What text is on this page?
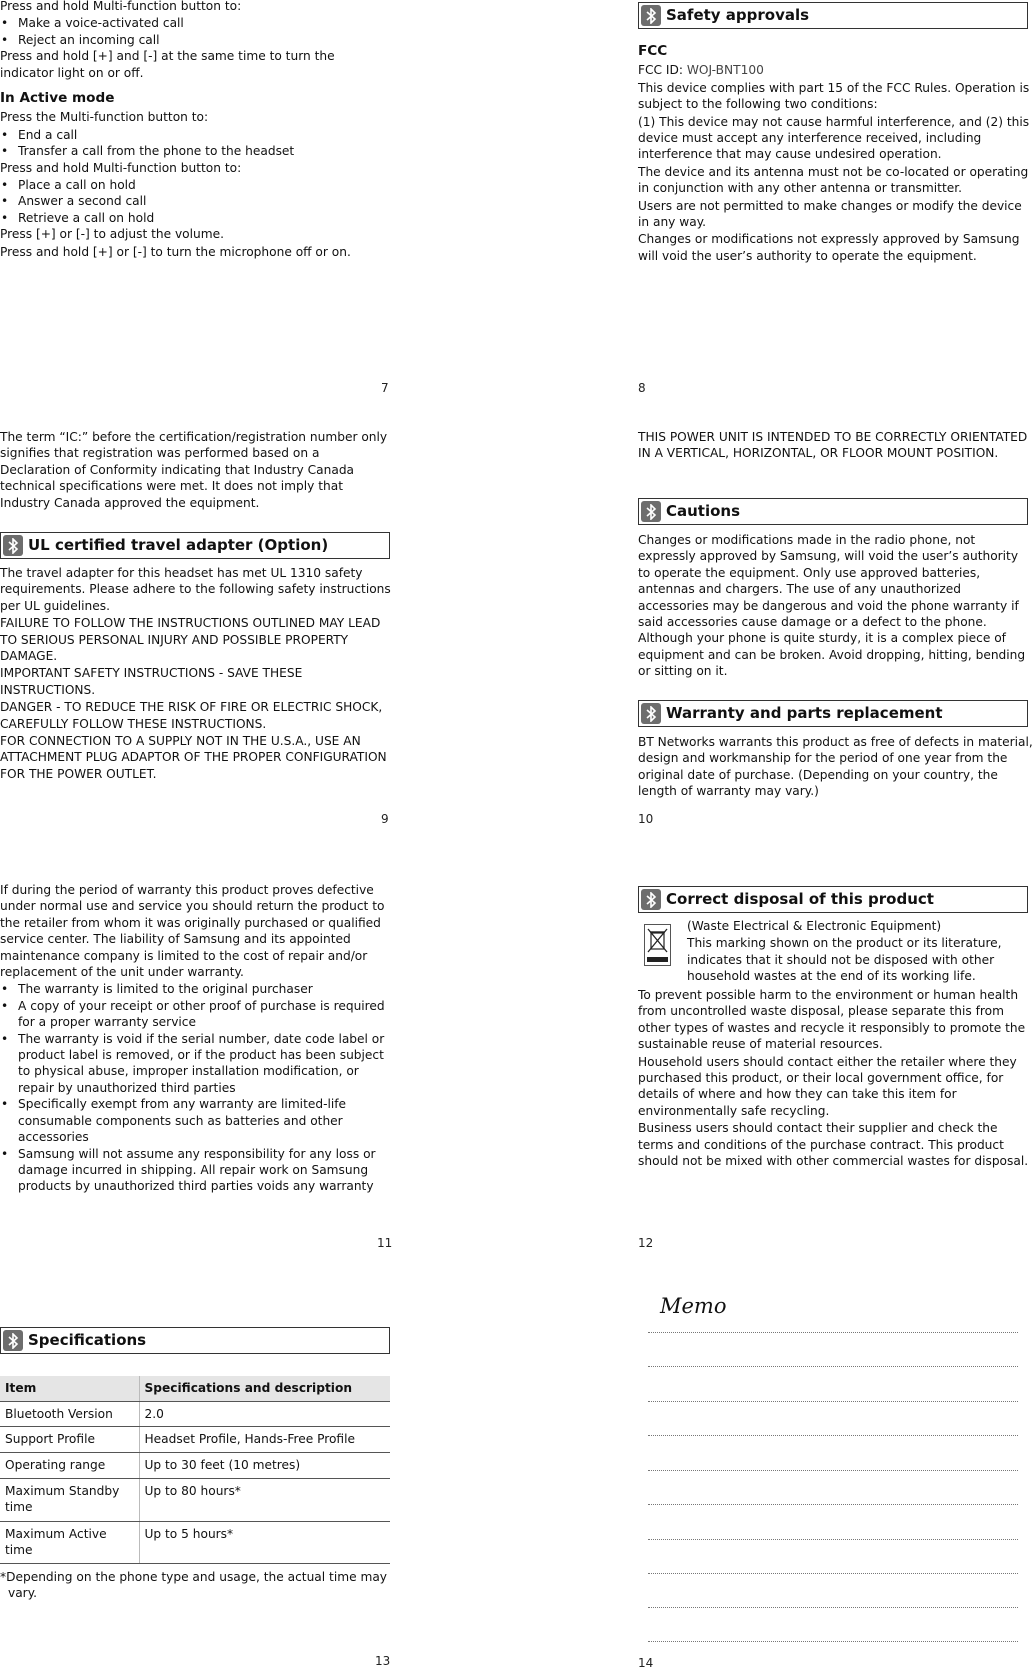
Press and hold Multi-function button to:

• Make a voice-activated call
• Reject an incoming call

Press and hold [+] and [-] at the same time to turn the indicator light on or off.

In Active mode

Press the Multi-function button to:

• End a call
• Transfer a call from the phone to the headset

Press and hold Multi-function button to:

• Place a call on hold
• Answer a second call
• Retrieve a call on hold

Press [+] or [-] to adjust the volume.

Press and hold [+] or [-] to turn the microphone off or on.

7
Safety approvals
FCC

FCC ID: WOJ-BNT100

This device complies with part 15 of the FCC Rules. Operation is subject to the following two conditions:

(1) This device may not cause harmful interference, and (2) this device must accept any interference received, including interference that may cause undesired operation.

The device and its antenna must not be co-located or operating in conjunction with any other antenna or transmitter.

Users are not permitted to make changes or modify the device in any way.

Changes or modifications not expressly approved by Samsung will void the user’s authority to operate the equipment.

8

The term “IC:” before the certification/registration number only signifies that registration was performed based on a Declaration of Conformity indicating that Industry Canada technical specifications were met. It does not imply that Industry Canada approved the equipment.

UL certified travel adapter (Option)

The travel adapter for this headset has met UL 1310 safety requirements. Please adhere to the following safety instructions per UL guidelines.

FAILURE TO FOLLOW THE INSTRUCTIONS OUTLINED MAY LEAD TO SERIOUS PERSONAL INJURY AND POSSIBLE PROPERTY DAMAGE.

IMPORTANT SAFETY INSTRUCTIONS - SAVE THESE INSTRUCTIONS.

DANGER - TO REDUCE THE RISK OF FIRE OR ELECTRIC SHOCK, CAREFULLY FOLLOW THESE INSTRUCTIONS.

FOR CONNECTION TO A SUPPLY NOT IN THE U.S.A., USE AN ATTACHMENT PLUG ADAPTOR OF THE PROPER CONFIGURATION FOR THE POWER OUTLET.

9

THIS POWER UNIT IS INTENDED TO BE CORRECTLY ORIENTATED IN A VERTICAL, HORIZONTAL, OR FLOOR MOUNT POSITION.

Cautions

Changes or modifications made in the radio phone, not expressly approved by Samsung, will void the user’s authority to operate the equipment. Only use approved batteries, antennas and chargers. The use of any unauthorized accessories may be dangerous and void the phone warranty if said accessories cause damage or a defect to the phone. Although your phone is quite sturdy, it is a complex piece of equipment and can be broken. Avoid dropping, hitting, bending or sitting on it.

Warranty and parts replacement

BT Networks warrants this product as free of defects in material, design and workmanship for the period of one year from the original date of purchase. (Depending on your country, the length of warranty may vary.)

10

If during the period of warranty this product proves defective under normal use and service you should return the product to the retailer from whom it was originally purchased or qualified service center. The liability of Samsung and its appointed maintenance company is limited to the cost of repair and/or replacement of the unit under warranty.

• The warranty is limited to the original purchaser
• A copy of your receipt or other proof of purchase is required for a proper warranty service
• The warranty is void if the serial number, date code label or product label is removed, or if the product has been subject to physical abuse, improper installation modification, or repair by unauthorized third parties
• Specifically exempt from any warranty are limited-life consumable components such as batteries and other accessories
• Samsung will not assume any responsibility for any loss or damage incurred in shipping. All repair work on Samsung products by unauthorized third parties voids any warranty
11
Correct disposal of this product

(Waste Electrical & Electronic Equipment)

This marking shown on the product or its literature, indicates that it should not be disposed with other household wastes at the end of its working life.

To prevent possible harm to the environment or human health from uncontrolled waste disposal, please separate this from other types of wastes and recycle it responsibly to promote the sustainable reuse of material resources.

Household users should contact either the retailer where they purchased this product, or their local government office, for details of where and how they can take this item for environmentally safe recycling.

Business users should contact their supplier and check the terms and conditions of the purchase contract. This product should not be mixed with other commercial wastes for disposal.

12
Specifications
Item	Specifications and description
Bluetooth Version	2.0
Support Profile	Headset Profile, Hands-Free Profile
Operating range	Up to 30 feet (10 metres)
Maximum Standby time	Up to 80 hours*
Maximum Active time	Up to 5 hours*

*Depending on the phone type and usage, the actual time may vary.

13
Memo
14
